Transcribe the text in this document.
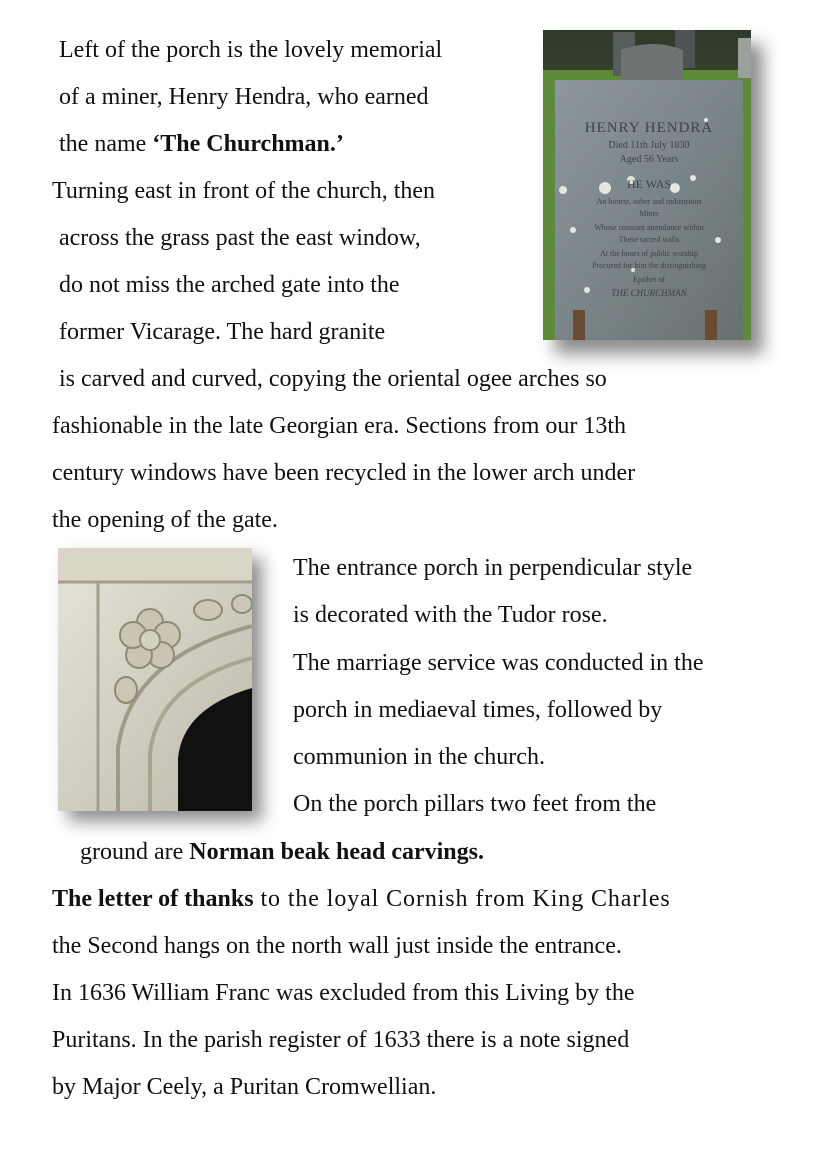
Left of the porch is the lovely memorial

of a miner, Henry Hendra, who earned

the name ‘The Churchman.’

Turning east in front of the church, then

across the grass past the east window,

do not miss the arched gate into the

former Vicarage. The hard granite

is carved and curved, copying the oriental ogee arches so

fashionable in the late Georgian era. Sections from our 13th

century windows have been recycled in the lower arch under

the opening of the gate.

The entrance porch in perpendicular style

is decorated with the Tudor rose.

The marriage service was conducted in the

porch in mediaeval times, followed by

communion in the church.

On the porch pillars two feet from the

ground are Norman beak head carvings.

The letter of thanks to the loyal Cornish from King Charles

the Second hangs on the north wall just inside the entrance.

In 1636 William Franc was excluded from this Living by the

Puritans. In the parish register of 1633 there is a note signed

by Major Ceely, a Puritan Cromwellian.

HENRY HENDRA
Died 11th July 1830
Aged 56 Years
HE WAS
An honest, sober and industrious
Miner
Whose constant attendance within
These sacred walls
At the hours of public worship
Procured for him the distinguishing
Epithet of
THE CHURCHMAN
